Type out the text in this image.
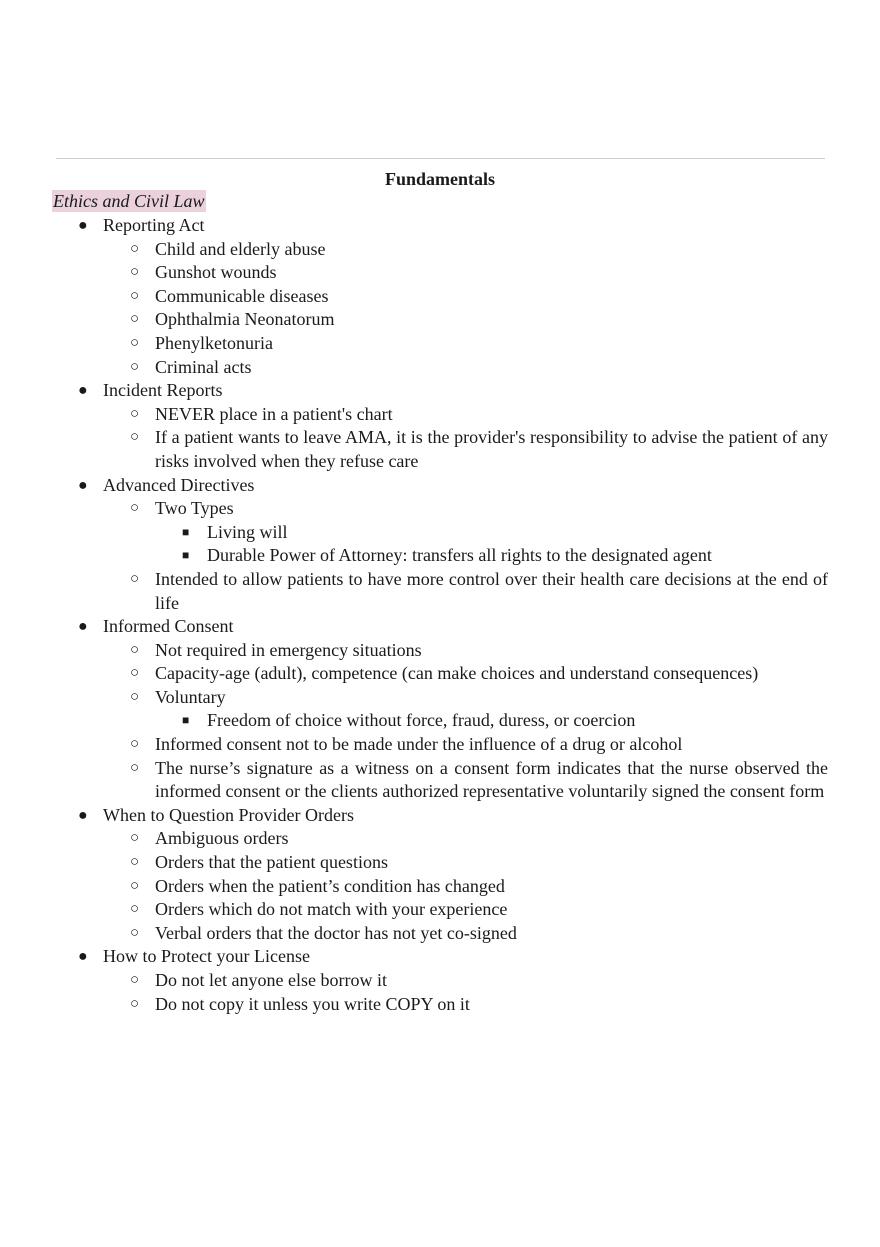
Fundamentals
Ethics and Civil Law
● Reporting Act
○ Child and elderly abuse
○ Gunshot wounds
○ Communicable diseases
○ Ophthalmia Neonatorum
○ Phenylketonuria
○ Criminal acts
● Incident Reports
○ NEVER place in a patient's chart
○ If a patient wants to leave AMA, it is the provider's responsibility to advise the patient of any risks involved when they refuse care
● Advanced Directives
○ Two Types
■ Living will
■ Durable Power of Attorney: transfers all rights to the designated agent
○ Intended to allow patients to have more control over their health care decisions at the end of life
● Informed Consent
○ Not required in emergency situations
○ Capacity-age (adult), competence (can make choices and understand consequences)
○ Voluntary
■ Freedom of choice without force, fraud, duress, or coercion
○ Informed consent not to be made under the influence of a drug or alcohol
○ The nurse’s signature as a witness on a consent form indicates that the nurse observed the informed consent or the clients authorized representative voluntarily signed the consent form
● When to Question Provider Orders
○ Ambiguous orders
○ Orders that the patient questions
○ Orders when the patient’s condition has changed
○ Orders which do not match with your experience
○ Verbal orders that the doctor has not yet co-signed
● How to Protect your License
○ Do not let anyone else borrow it
○ Do not copy it unless you write COPY on it
